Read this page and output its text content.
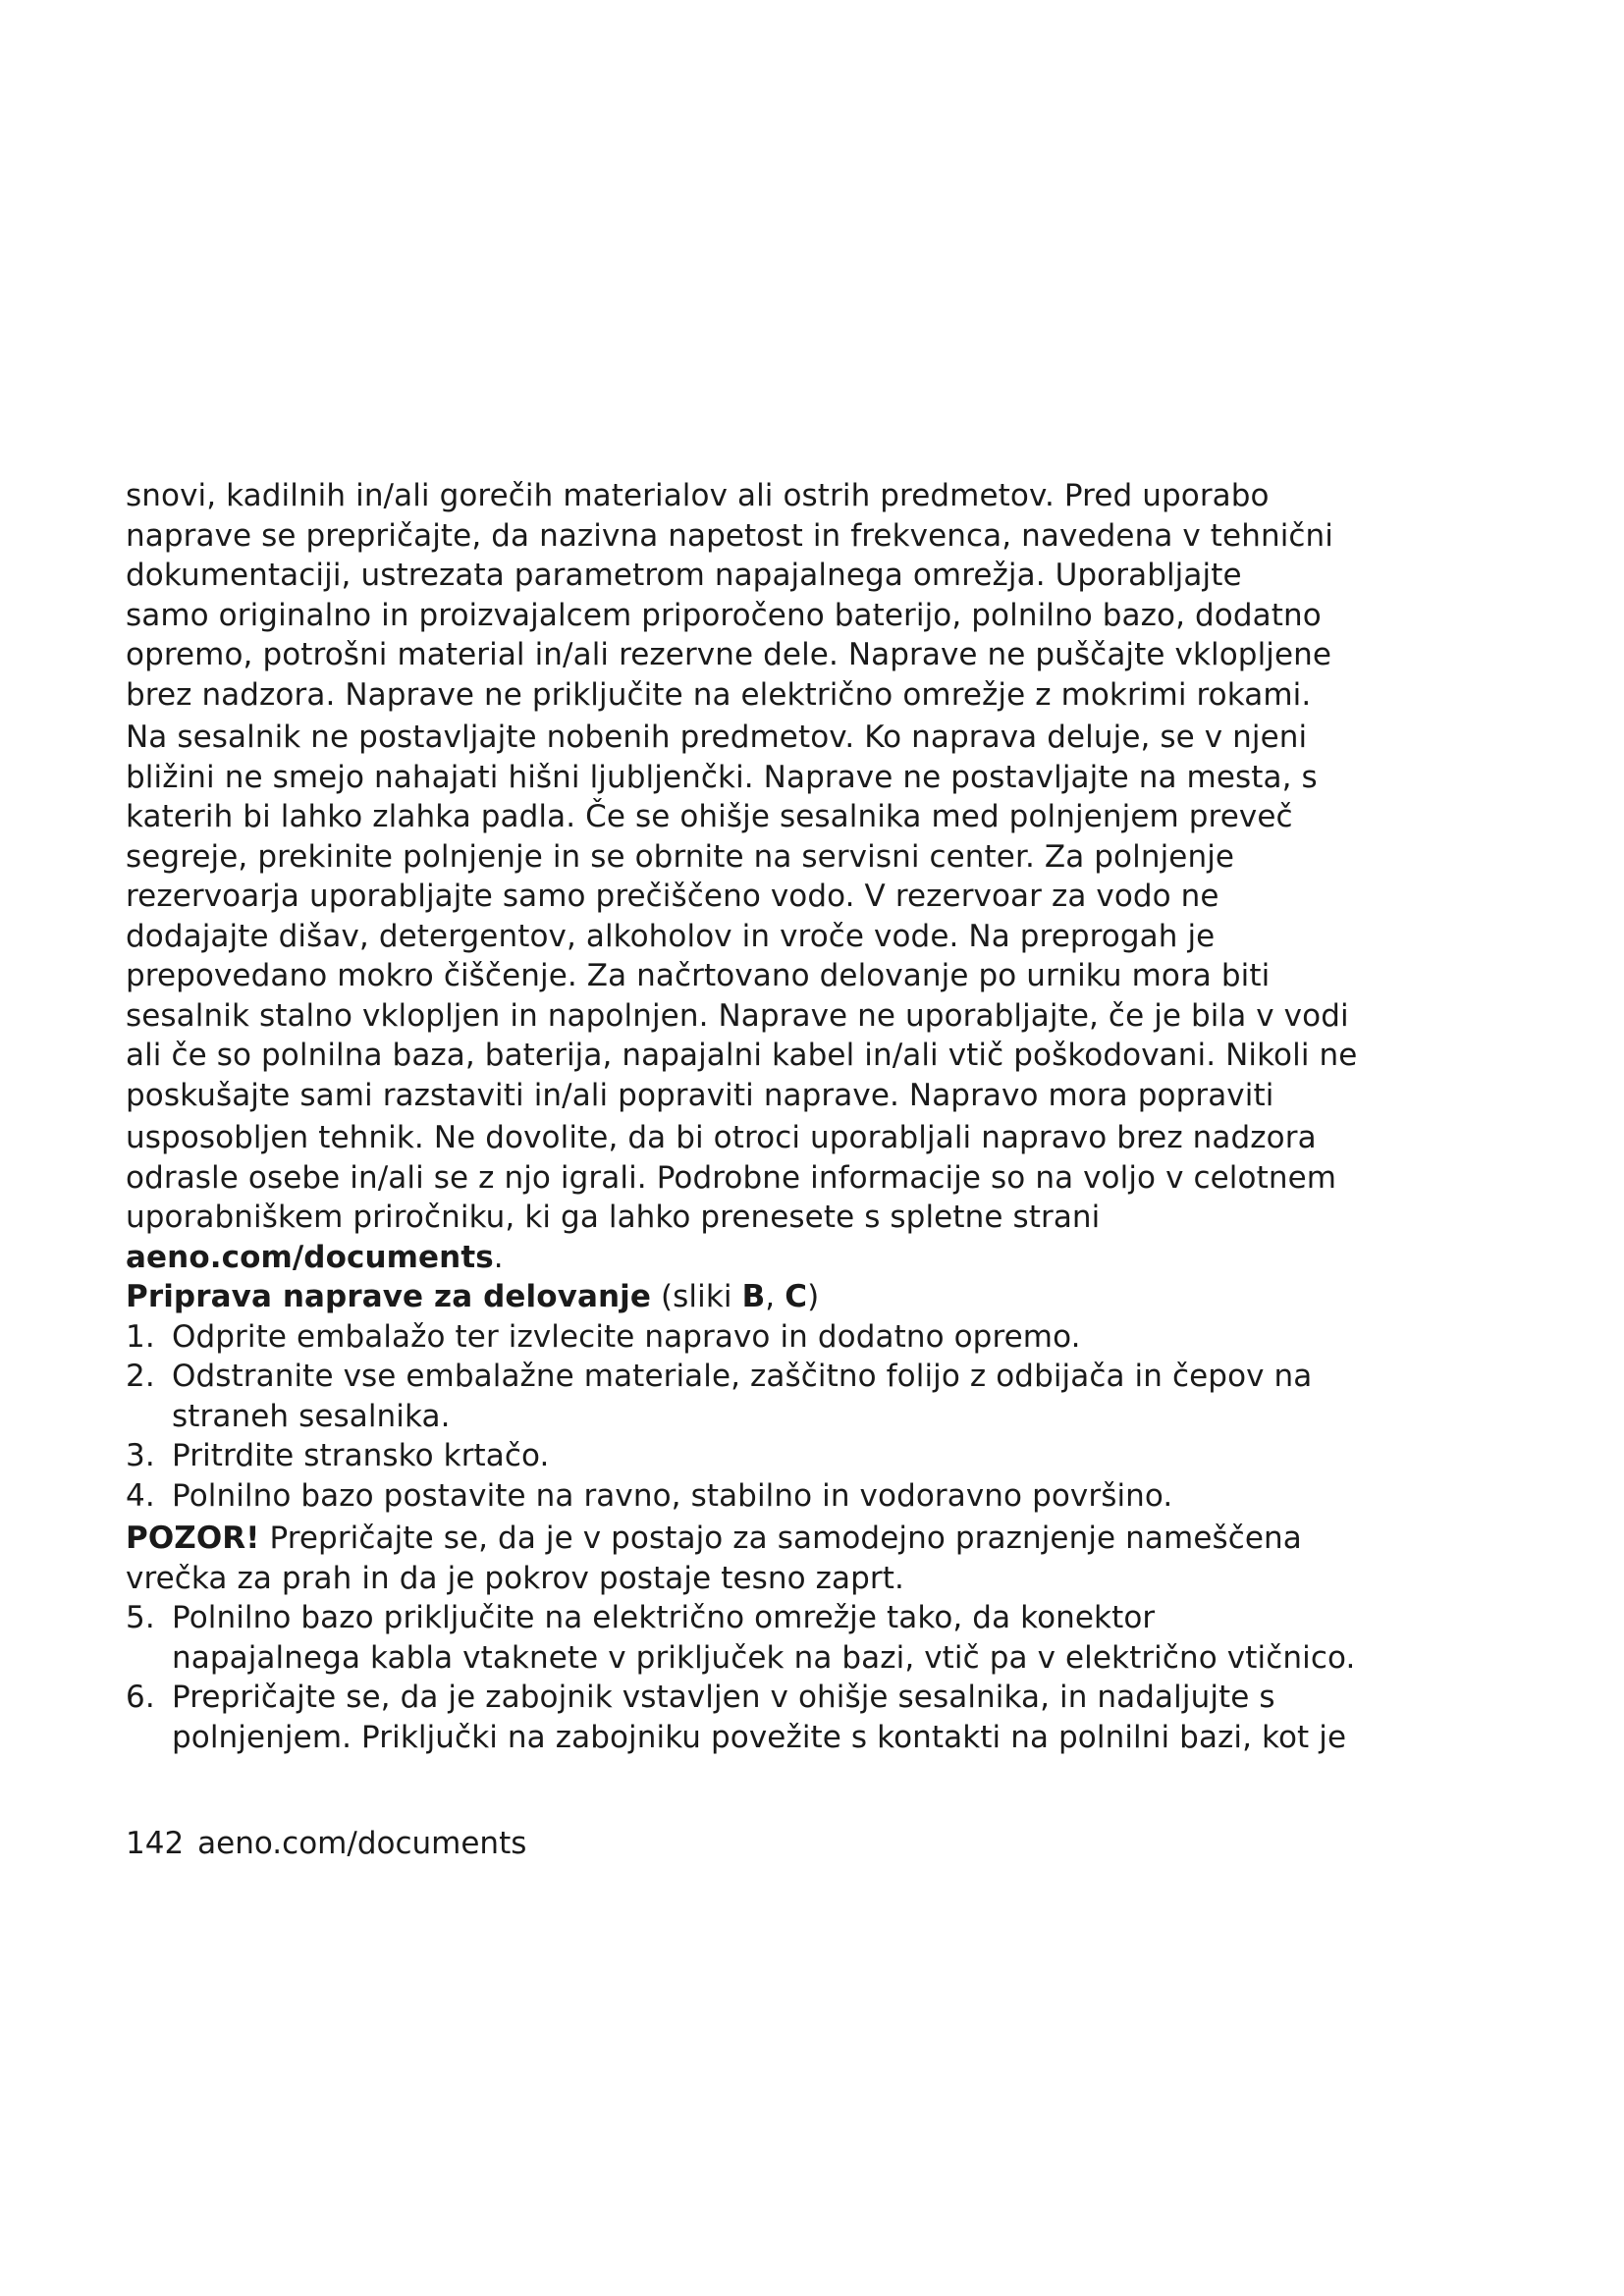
snovi, kadilnih in/ali gorečih materialov ali ostrih predmetov. Pred uporabo
naprave se prepričajte, da nazivna napetost in frekvenca, navedena v tehnični
dokumentaciji, ustrezata parametrom napajalnega omrežja. Uporabljajte
samo originalno in proizvajalcem priporočeno baterijo, polnilno bazo, dodatno
opremo, potrošni material in/ali rezervne dele. Naprave ne puščajte vklopljene
brez nadzora. Naprave ne priključite na električno omrežje z mokrimi rokami.
Na sesalnik ne postavljajte nobenih predmetov. Ko naprava deluje, se v njeni
bližini ne smejo nahajati hišni ljubljenčki. Naprave ne postavljajte na mesta, s
katerih bi lahko zlahka padla. Če se ohišje sesalnika med polnjenjem preveč
segreje, prekinite polnjenje in se obrnite na servisni center. Za polnjenje
rezervoarja uporabljajte samo prečiščeno vodo. V rezervoar za vodo ne
dodajajte dišav, detergentov, alkoholov in vroče vode. Na preprogah je
prepovedano mokro čiščenje. Za načrtovano delovanje po urniku mora biti
sesalnik stalno vklopljen in napolnjen. Naprave ne uporabljajte, če je bila v vodi
ali če so polnilna baza, baterija, napajalni kabel in/ali vtič poškodovani. Nikoli ne
poskušajte sami razstaviti in/ali popraviti naprave. Napravo mora popraviti
usposobljen tehnik. Ne dovolite, da bi otroci uporabljali napravo brez nadzora
odrasle osebe in/ali se z njo igrali. Podrobne informacije so na voljo v celotnem
uporabniškem priročniku, ki ga lahko prenesete s spletne strani
aeno.com/documents.
Priprava naprave za delovanje (sliki B, C)
1. Odprite embalažo ter izvlecite napravo in dodatno opremo.
2. Odstranite vse embalažne materiale, zaščitno folijo z odbijača in čepov na
straneh sesalnika.
3. Pritrdite stransko krtačo.
4. Polnilno bazo postavite na ravno, stabilno in vodoravno površino.
POZOR! Prepričajte se, da je v postajo za samodejno praznjenje nameščena
vrečka za prah in da je pokrov postaje tesno zaprt.
5. Polnilno bazo priključite na električno omrežje tako, da konektor
napajalnega kabla vtaknete v priključek na bazi, vtič pa v električno vtičnico.
6. Prepričajte se, da je zabojnik vstavljen v ohišje sesalnika, in nadaljujte s
polnjenjem. Priključki na zabojniku povežite s kontakti na polnilni bazi, kot je
142 aeno.com/documents
